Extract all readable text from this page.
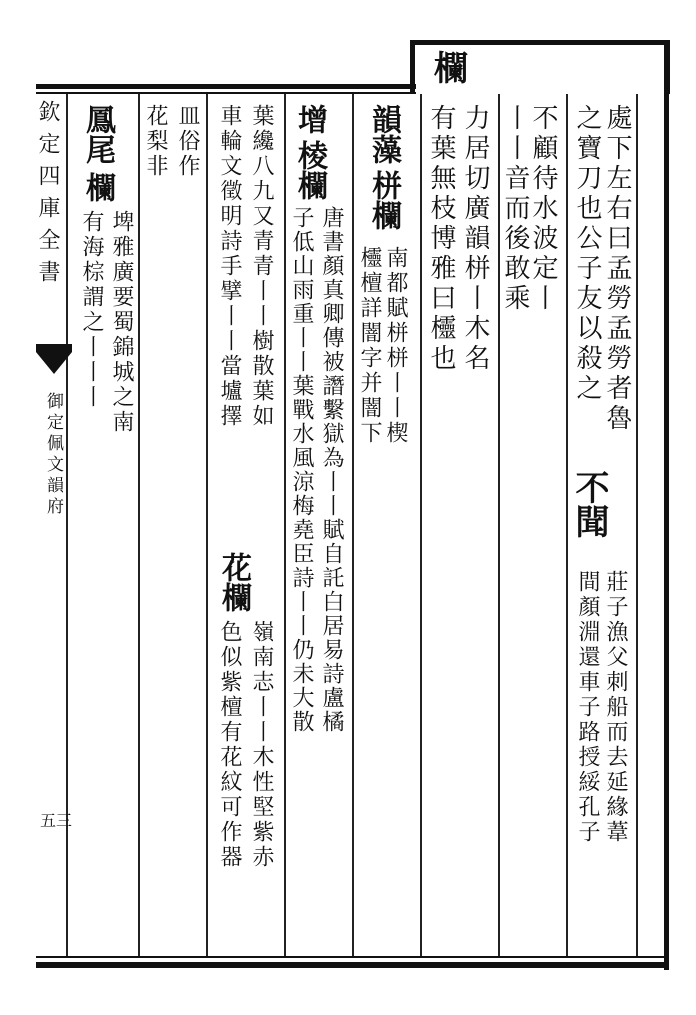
欄
欽定四庫全書
御定佩文韻府
五三
處下左右曰孟勞孟勞者魯
之寶刀也公子友以殺之
不聞
莊子漁父刺船而去延緣葦
間顏淵還車子路授綏孔子
不顧待水波定丨
丨丨音而後敢乘
力居切廣韻栟丨木名
有葉無枝博雅曰欞也
韻藻
栟欄
南都賦栟栟丨丨楔
欞檀詳闇字并闇下
增
棱欄
唐書顏真卿傳被譖繫獄為丨丨賦自託白居易詩盧橘
子低山雨重丨丨葉戰水風涼梅堯臣詩丨丨仍未大散
葉纔八九又青青丨丨樹散葉如
車輪文徵明詩手擘丨丨當壚擇
花欄
嶺南志丨丨木性堅紫赤
色似紫檀有花紋可作器
皿俗作
花梨非
鳳尾
欄
埤雅廣要蜀錦城之南
有海棕謂之丨丨丨
